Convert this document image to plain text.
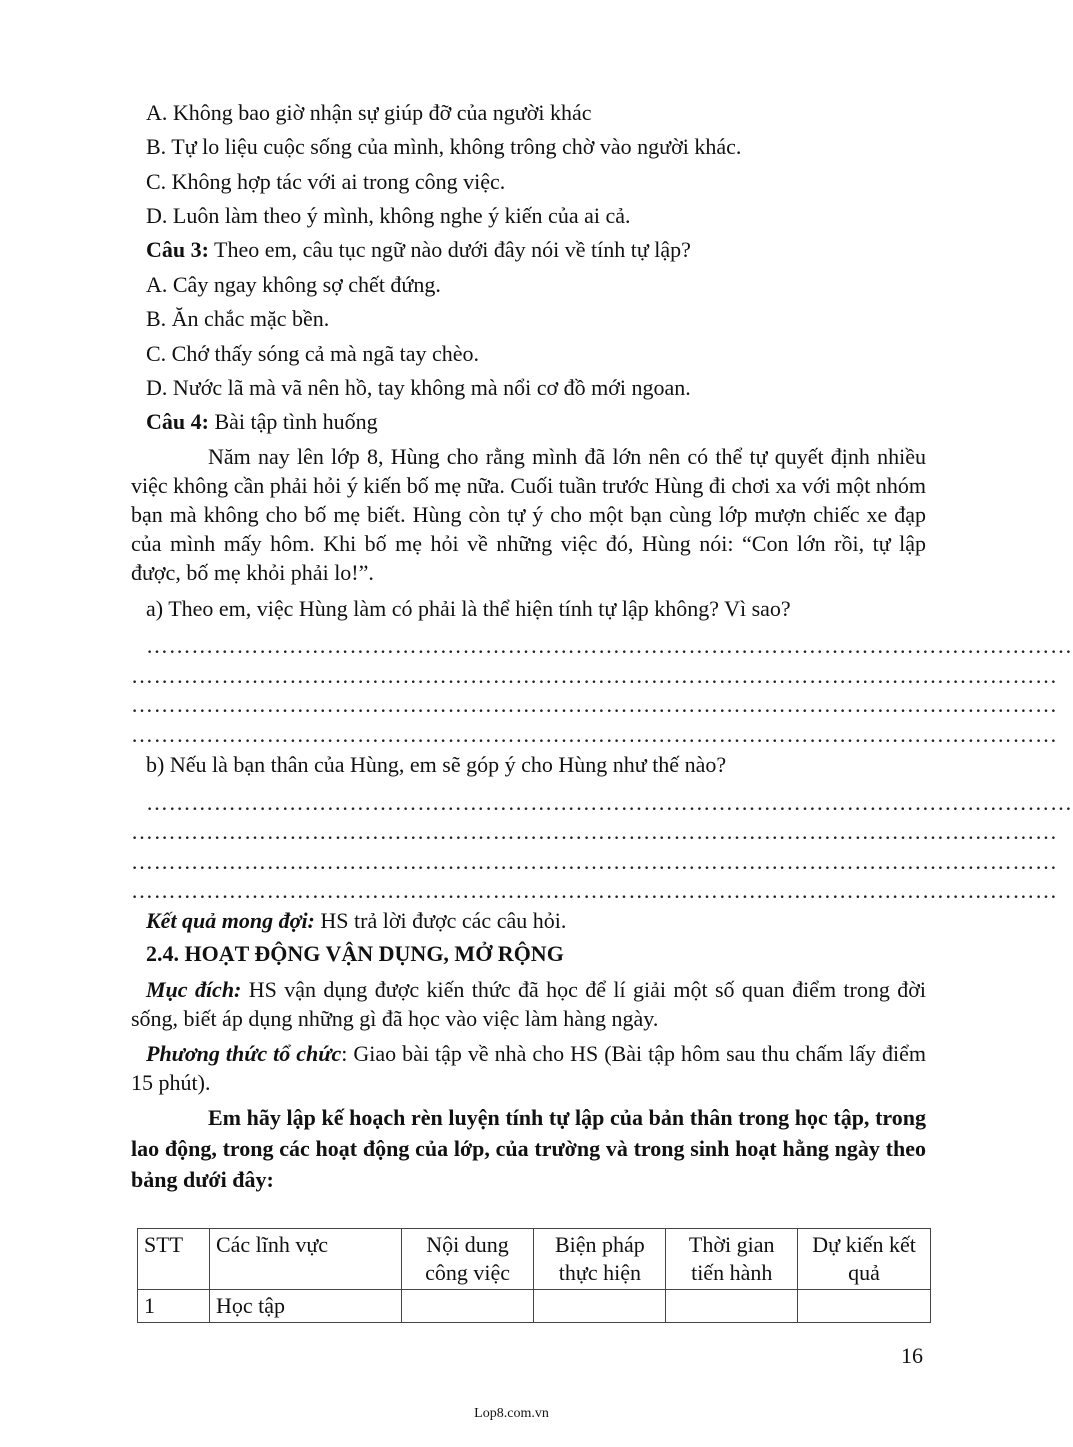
A. Không bao giờ nhận sự giúp đỡ của người khác
B. Tự lo liệu cuộc sống của mình, không trông chờ vào người khác.
C. Không hợp tác với ai trong công việc.
D. Luôn làm theo ý mình, không nghe ý kiến của ai cả.
Câu 3: Theo em, câu tục ngữ nào dưới đây nói về tính tự lập?
A. Cây ngay không sợ chết đứng.
B. Ăn chắc mặc bền.
C. Chớ thấy sóng cả mà ngã tay chèo.
D. Nước lã mà vã nên hồ, tay không mà nổi cơ đồ mới ngoan.
Câu 4: Bài tập tình huống
Năm nay lên lớp 8, Hùng cho rằng mình đã lớn nên có thể tự quyết định nhiều việc không cần phải hỏi ý kiến bố mẹ nữa. Cuối tuần trước Hùng đi chơi xa với một nhóm bạn mà không cho bố mẹ biết. Hùng còn tự ý cho một bạn cùng lớp mượn chiếc xe đạp của mình mấy hôm. Khi bố mẹ hỏi về những việc đó, Hùng nói: “Con lớn rồi, tự lập được, bố mẹ khỏi phải lo!”.
a) Theo em, việc Hùng làm có phải là thể hiện tính tự lập không? Vì sao?
……………………………………………………………………………………………………………
……………………………………………………………………………………………………………
……………………………………………………………………………………………………………
……………………………………………………………………………………………………………
b) Nếu là bạn thân của Hùng, em sẽ góp ý cho Hùng như thế nào?
……………………………………………………………………………………………………………
……………………………………………………………………………………………………………
……………………………………………………………………………………………………………
……………………………………………………………………………………………………………
Kết quả mong đợi: HS trả lời được các câu hỏi.
2.4. HOẠT ĐỘNG VẬN DỤNG, MỞ RỘNG
Mục đích: HS vận dụng được kiến thức đã học để lí giải một số quan điểm trong đời sống, biết áp dụng những gì đã học vào việc làm hàng ngày.
Phương thức tổ chức: Giao bài tập về nhà cho HS (Bài tập hôm sau thu chấm lấy điểm 15 phút).
Em hãy lập kế hoạch rèn luyện tính tự lập của bản thân trong học tập, trong lao động, trong các hoạt động của lớp, của trường và trong sinh hoạt hằng ngày theo bảng dưới đây:
STT	Các lĩnh vực	Nội dung công việc	Biện pháp thực hiện	Thời gian tiến hành	Dự kiến kết quả
1	Học tập				
16
Lop8.com.vn
